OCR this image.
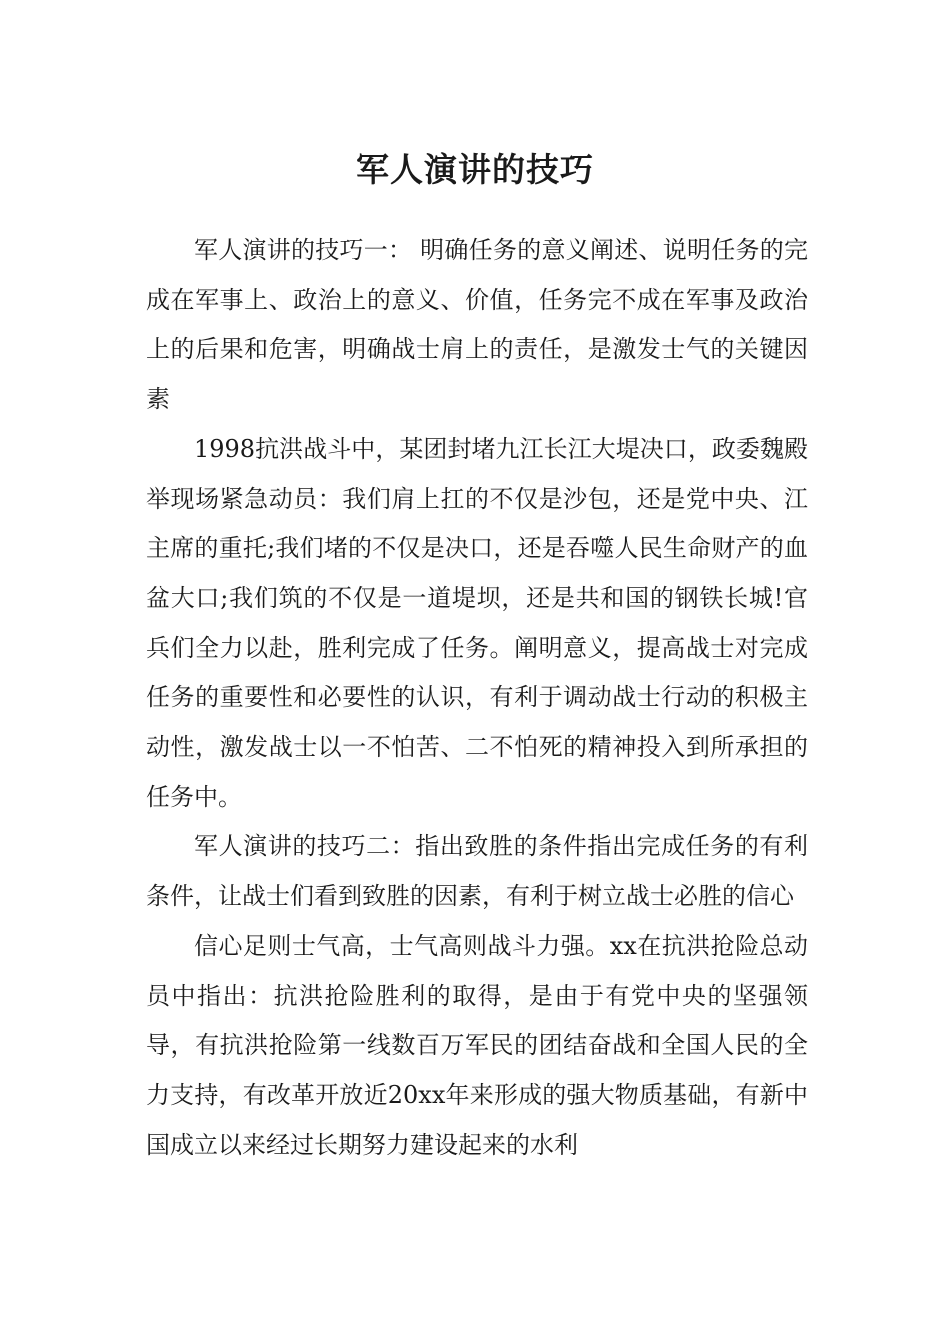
军人演讲的技巧

军人演讲的技巧一： 明确任务的意义阐述、说明任务的完成在军事上、政治上的意义、价值，任务完不成在军事及政治上的后果和危害，明确战士肩上的责任，是激发士气的关键因素

1998抗洪战斗中，某团封堵九江长江大堤决口，政委魏殿举现场紧急动员：我们肩上扛的不仅是沙包，还是党中央、江主席的重托;我们堵的不仅是决口，还是吞噬人民生命财产的血盆大口;我们筑的不仅是一道堤坝，还是共和国的钢铁长城!官兵们全力以赴，胜利完成了任务。阐明意义，提高战士对完成任务的重要性和必要性的认识，有利于调动战士行动的积极主动性，激发战士以一不怕苦、二不怕死的精神投入到所承担的任务中。

军人演讲的技巧二：指出致胜的条件指出完成任务的有利条件，让战士们看到致胜的因素，有利于树立战士必胜的信心

信心足则士气高，士气高则战斗力强。xx在抗洪抢险总动员中指出：抗洪抢险胜利的取得，是由于有党中央的坚强领导，有抗洪抢险第一线数百万军民的团结奋战和全国人民的全力支持，有改革开放近20xx年来形成的强大物质基础，有新中国成立以来经过长期努力建设起来的水利
